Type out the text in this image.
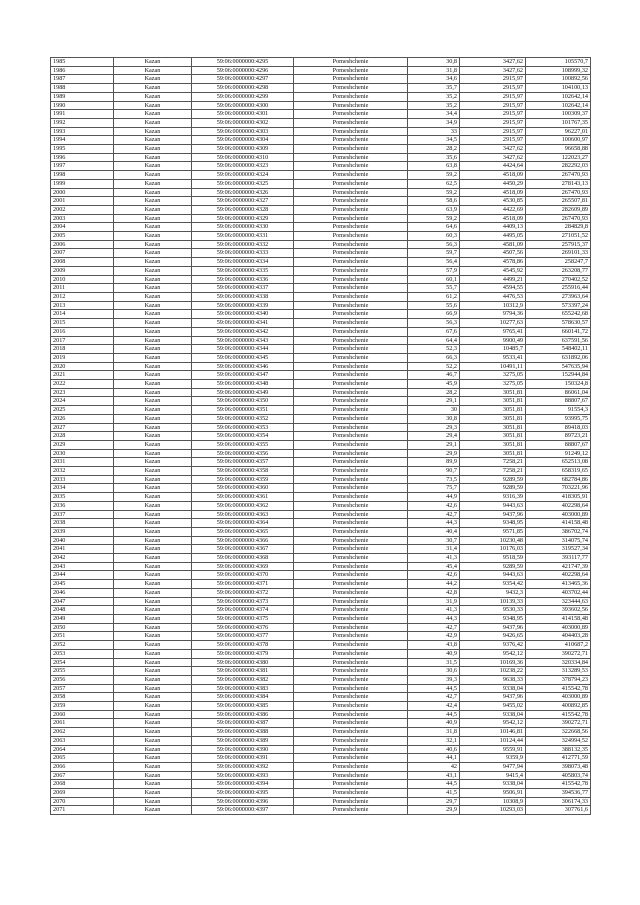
1985	Kazan	59:06:0000000:4295	Pomeshchenie	30,8	3427,62	105570,7
1986	Kazan	59:06:0000000:4296	Pomeshchenie	31,8	3427,62	108999,32
1987	Kazan	59:06:0000000:4297	Pomeshchenie	34,6	2915,97	100892,56
1988	Kazan	59:06:0000000:4298	Pomeshchenie	35,7	2915,97	104100,13
1989	Kazan	59:06:0000000:4299	Pomeshchenie	35,2	2915,97	102642,14
1990	Kazan	59:06:0000000:4300	Pomeshchenie	35,2	2915,97	102642,14
1991	Kazan	59:06:0000000:4301	Pomeshchenie	34,4	2915,97	100309,37
1992	Kazan	59:06:0000000:4302	Pomeshchenie	34,9	2915,97	101767,35
1993	Kazan	59:06:0000000:4303	Pomeshchenie	33	2915,97	96227,01
1994	Kazan	59:06:0000000:4304	Pomeshchenie	34,5	2915,97	100600,97
1995	Kazan	59:06:0000000:4309	Pomeshchenie	28,2	3427,62	96658,88
1996	Kazan	59:06:0000000:4310	Pomeshchenie	35,6	3427,62	122023,27
1997	Kazan	59:06:0000000:4323	Pomeshchenie	63,8	4424,64	282292,03
1998	Kazan	59:06:0000000:4324	Pomeshchenie	59,2	4518,09	267470,93
1999	Kazan	59:06:0000000:4325	Pomeshchenie	62,5	4450,29	278143,13
2000	Kazan	59:06:0000000:4326	Pomeshchenie	59,2	4518,09	267470,93
2001	Kazan	59:06:0000000:4327	Pomeshchenie	58,6	4530,85	265507,81
2002	Kazan	59:06:0000000:4328	Pomeshchenie	63,9	4422,69	282609,89
2003	Kazan	59:06:0000000:4329	Pomeshchenie	59,2	4518,09	267470,93
2004	Kazan	59:06:0000000:4330	Pomeshchenie	64,6	4409,13	284829,8
2005	Kazan	59:06:0000000:4331	Pomeshchenie	60,3	4495,05	271051,52
2006	Kazan	59:06:0000000:4332	Pomeshchenie	56,3	4581,09	257915,37
2007	Kazan	59:06:0000000:4333	Pomeshchenie	59,7	4507,56	269101,33
2008	Kazan	59:06:0000000:4334	Pomeshchenie	56,4	4578,86	258247,7
2009	Kazan	59:06:0000000:4335	Pomeshchenie	57,9	4545,92	263208,77
2010	Kazan	59:06:0000000:4336	Pomeshchenie	60,1	4499,21	270402,52
2011	Kazan	59:06:0000000:4337	Pomeshchenie	55,7	4594,55	255916,44
2012	Kazan	59:06:0000000:4338	Pomeshchenie	61,2	4476,53	273963,64
2013	Kazan	59:06:0000000:4339	Pomeshchenie	55,6	10312,9	573397,24
2014	Kazan	59:06:0000000:4340	Pomeshchenie	66,9	9794,36	655242,68
2015	Kazan	59:06:0000000:4341	Pomeshchenie	56,3	10277,63	578630,57
2016	Kazan	59:06:0000000:4342	Pomeshchenie	67,6	9765,41	660141,72
2017	Kazan	59:06:0000000:4343	Pomeshchenie	64,4	9900,49	637591,56
2018	Kazan	59:06:0000000:4344	Pomeshchenie	52,3	10485,7	548402,11
2019	Kazan	59:06:0000000:4345	Pomeshchenie	66,3	9533,41	631892,06
2020	Kazan	59:06:0000000:4346	Pomeshchenie	52,2	10491,11	547635,94
2021	Kazan	59:06:0000000:4347	Pomeshchenie	46,7	3275,05	152944,84
2022	Kazan	59:06:0000000:4348	Pomeshchenie	45,9	3275,05	150324,8
2023	Kazan	59:06:0000000:4349	Pomeshchenie	28,2	3051,81	86061,04
2024	Kazan	59:06:0000000:4350	Pomeshchenie	29,1	3051,81	88807,67
2025	Kazan	59:06:0000000:4351	Pomeshchenie	30	3051,81	91554,3
2026	Kazan	59:06:0000000:4352	Pomeshchenie	30,8	3051,81	93995,75
2027	Kazan	59:06:0000000:4353	Pomeshchenie	29,3	3051,81	89418,03
2028	Kazan	59:06:0000000:4354	Pomeshchenie	29,4	3051,81	89723,21
2029	Kazan	59:06:0000000:4355	Pomeshchenie	29,1	3051,81	88807,67
2030	Kazan	59:06:0000000:4356	Pomeshchenie	29,9	3051,81	91249,12
2031	Kazan	59:06:0000000:4357	Pomeshchenie	89,9	7258,21	652513,08
2032	Kazan	59:06:0000000:4358	Pomeshchenie	90,7	7258,21	658319,65
2033	Kazan	59:06:0000000:4359	Pomeshchenie	73,5	9289,59	682784,86
2034	Kazan	59:06:0000000:4360	Pomeshchenie	75,7	9289,59	703221,96
2035	Kazan	59:06:0000000:4361	Pomeshchenie	44,9	9316,39	418305,91
2036	Kazan	59:06:0000000:4362	Pomeshchenie	42,6	9443,63	402298,64
2037	Kazan	59:06:0000000:4363	Pomeshchenie	42,7	9437,96	403000,89
2038	Kazan	59:06:0000000:4364	Pomeshchenie	44,3	9348,95	414158,48
2039	Kazan	59:06:0000000:4365	Pomeshchenie	40,4	9571,85	386702,74
2040	Kazan	59:06:0000000:4366	Pomeshchenie	30,7	10230,48	314075,74
2041	Kazan	59:06:0000000:4367	Pomeshchenie	31,4	10176,03	319527,34
2042	Kazan	59:06:0000000:4368	Pomeshchenie	41,3	9518,59	393117,77
2043	Kazan	59:06:0000000:4369	Pomeshchenie	45,4	9289,59	421747,39
2044	Kazan	59:06:0000000:4370	Pomeshchenie	42,6	9443,63	402298,64
2045	Kazan	59:06:0000000:4371	Pomeshchenie	44,2	9354,42	413465,36
2046	Kazan	59:06:0000000:4372	Pomeshchenie	42,8	9432,3	403702,44
2047	Kazan	59:06:0000000:4373	Pomeshchenie	31,9	10139,33	323444,63
2048	Kazan	59:06:0000000:4374	Pomeshchenie	41,3	9530,33	393602,56
2049	Kazan	59:06:0000000:4375	Pomeshchenie	44,3	9348,95	414158,48
2050	Kazan	59:06:0000000:4376	Pomeshchenie	42,7	9437,96	403000,89
2051	Kazan	59:06:0000000:4377	Pomeshchenie	42,9	9426,65	404403,28
2052	Kazan	59:06:0000000:4378	Pomeshchenie	43,8	9376,42	410687,2
2053	Kazan	59:06:0000000:4379	Pomeshchenie	40,9	9542,12	390272,71
2054	Kazan	59:06:0000000:4380	Pomeshchenie	31,5	10169,36	320334,84
2055	Kazan	59:06:0000000:4381	Pomeshchenie	30,6	10238,22	313289,53
2056	Kazan	59:06:0000000:4382	Pomeshchenie	39,3	9638,33	378794,23
2057	Kazan	59:06:0000000:4383	Pomeshchenie	44,5	9338,04	415542,78
2058	Kazan	59:06:0000000:4384	Pomeshchenie	42,7	9437,96	403000,89
2059	Kazan	59:06:0000000:4385	Pomeshchenie	42,4	9455,02	400892,85
2060	Kazan	59:06:0000000:4386	Pomeshchenie	44,5	9338,04	415542,78
2061	Kazan	59:06:0000000:4387	Pomeshchenie	40,9	9542,12	390272,71
2062	Kazan	59:06:0000000:4388	Pomeshchenie	31,8	10146,81	322668,56
2063	Kazan	59:06:0000000:4389	Pomeshchenie	32,1	10124,44	324994,52
2064	Kazan	59:06:0000000:4390	Pomeshchenie	40,6	9559,91	388132,35
2065	Kazan	59:06:0000000:4391	Pomeshchenie	44,1	9359,9	412771,59
2066	Kazan	59:06:0000000:4392	Pomeshchenie	42	9477,94	398073,48
2067	Kazan	59:06:0000000:4393	Pomeshchenie	43,1	9415,4	405803,74
2068	Kazan	59:06:0000000:4394	Pomeshchenie	44,5	9338,04	415542,78
2069	Kazan	59:06:0000000:4395	Pomeshchenie	41,5	9506,91	394536,77
2070	Kazan	59:06:0000000:4396	Pomeshchenie	29,7	10308,9	306174,33
2071	Kazan	59:06:0000000:4397	Pomeshchenie	29,9	10293,03	307761,6
